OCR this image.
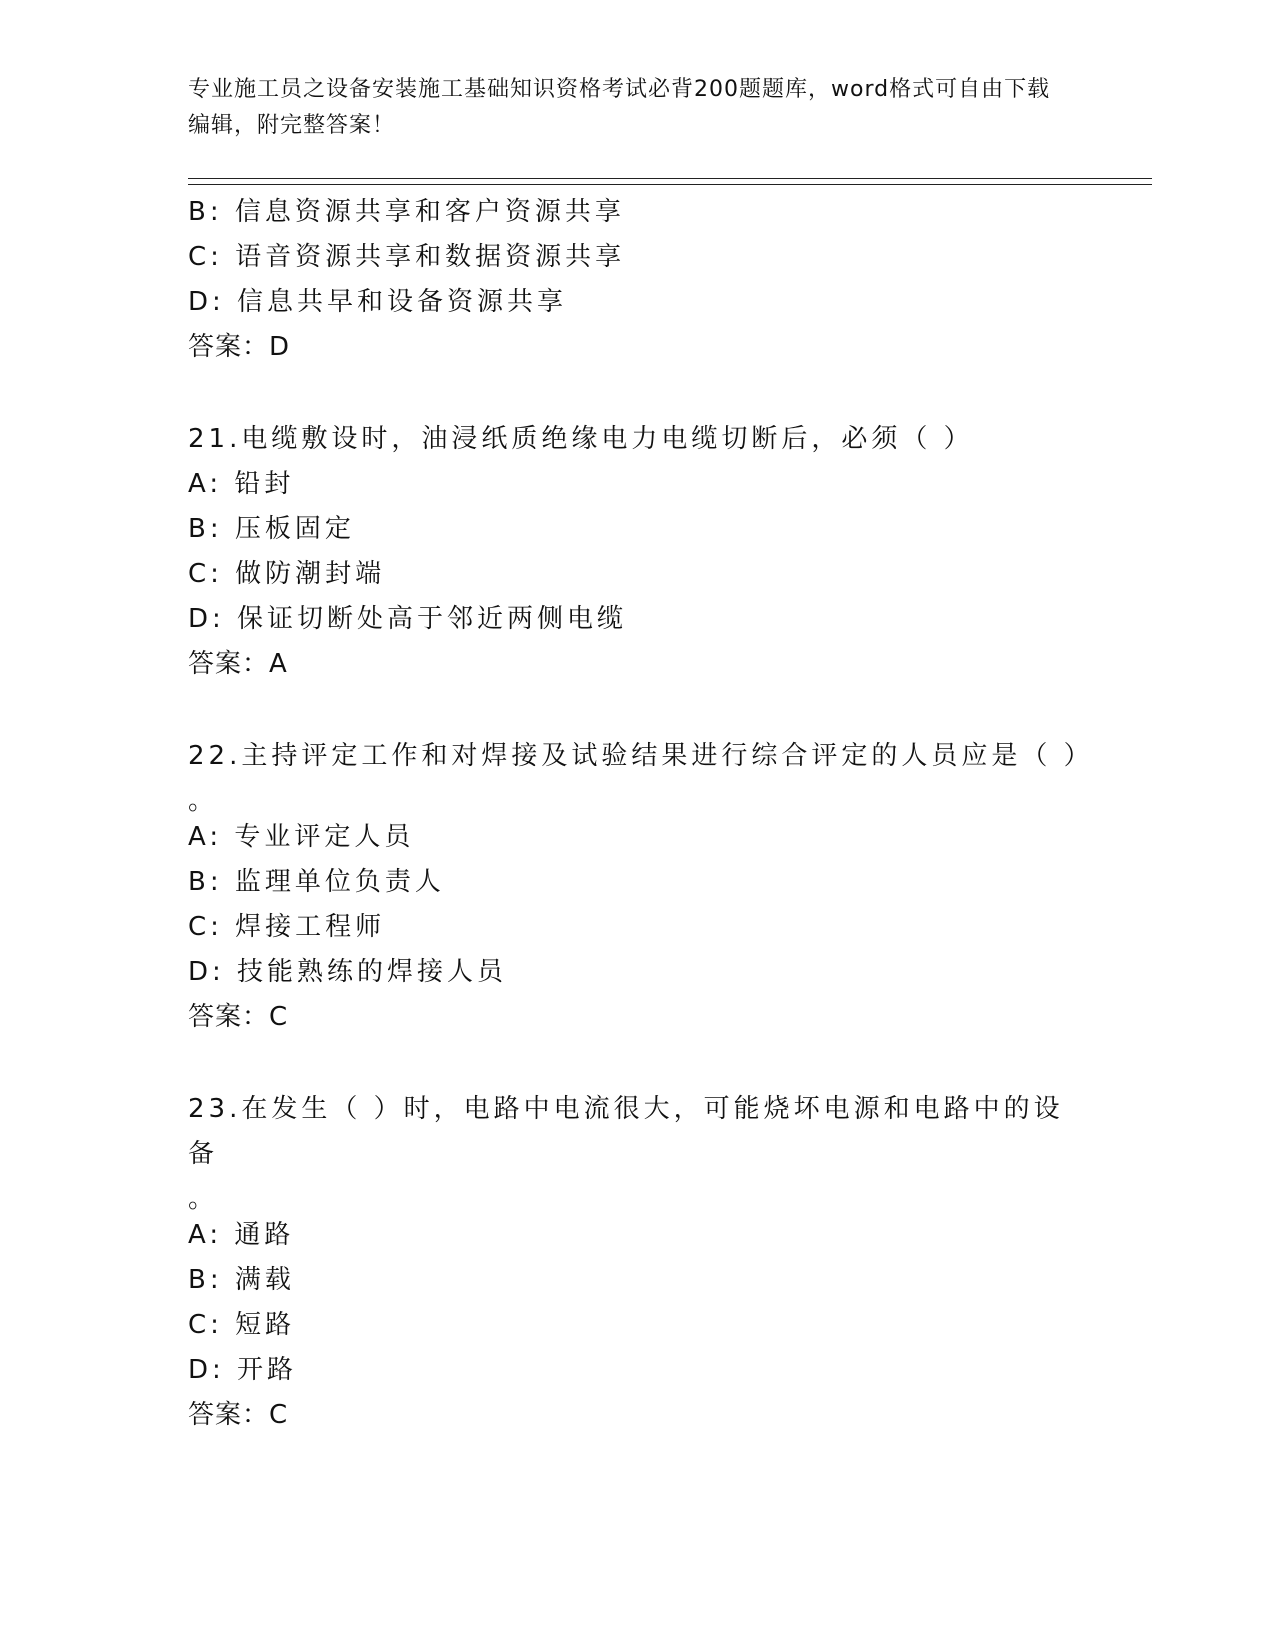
专业施工员之设备安装施工基础知识资格考试必背200题题库，word格式可自由下载编辑，附完整答案！
B: 信息资源共享和客户资源共享
C: 语音资源共享和数据资源共享
D: 信息共早和设备资源共享
答案：D
21.电缆敷设时，油浸纸质绝缘电力电缆切断后，必须（ ）
A: 铅封
B: 压板固定
C: 做防潮封端
D: 保证切断处高于邻近两侧电缆
答案：A
22.主持评定工作和对焊接及试验结果进行综合评定的人员应是（ ）
。
A: 专业评定人员
B: 监理单位负责人
C: 焊接工程师
D: 技能熟练的焊接人员
答案：C
23.在发生（ ）时，电路中电流很大，可能烧坏电源和电路中的设备
。
A: 通路
B: 满载
C: 短路
D: 开路
答案：C
